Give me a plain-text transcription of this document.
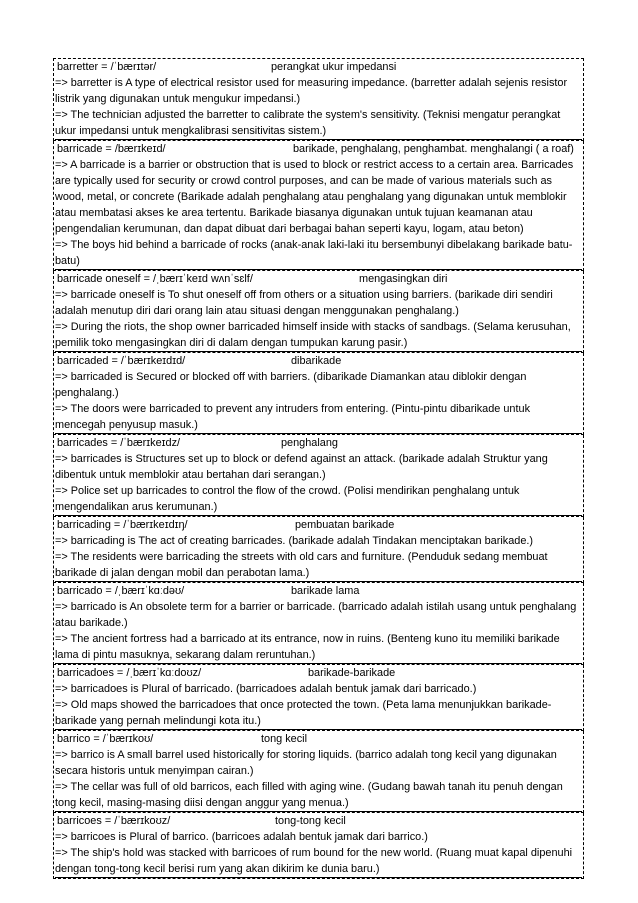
barretter = /ˈbærɪtər/	perangkat ukur impedansi
=> barretter is A type of electrical resistor used for measuring impedance. (barretter adalah sejenis resistor listrik yang digunakan untuk mengukur impedansi.)
=> The technician adjusted the barretter to calibrate the system's sensitivity. (Teknisi mengatur perangkat ukur impedansi untuk mengkalibrasi sensitivitas sistem.)
barricade = /bærɪkeɪd/	barikade, penghalang, penghambat. menghalangi ( a roaf)
=> A barricade is a barrier or obstruction that is used to block or restrict access to a certain area. Barricades are typically used for security or crowd control purposes, and can be made of various materials such as wood, metal, or concrete (Barikade adalah penghalang atau penghalang yang digunakan untuk memblokir atau membatasi akses ke area tertentu. Barikade biasanya digunakan untuk tujuan keamanan atau pengendalian kerumunan, dan dapat dibuat dari berbagai bahan seperti kayu, logam, atau beton)
=> The boys hid behind a barricade of rocks (anak-anak laki-laki itu bersembunyi dibelakang barikade batu-batu)
barricade oneself = /ˌbærɪˈkeɪd wʌnˈsɛlf/	mengasingkan diri
=> barricade oneself is To shut oneself off from others or a situation using barriers. (barikade diri sendiri adalah menutup diri dari orang lain atau situasi dengan menggunakan penghalang.)
=> During the riots, the shop owner barricaded himself inside with stacks of sandbags. (Selama kerusuhan, pemilik toko mengasingkan diri di dalam dengan tumpukan karung pasir.)
barricaded = /ˈbærɪkeɪdɪd/	dibarikade
=> barricaded is Secured or blocked off with barriers. (dibarikade Diamankan atau diblokir dengan penghalang.)
=> The doors were barricaded to prevent any intruders from entering. (Pintu-pintu dibarikade untuk mencegah penyusup masuk.)
barricades = /ˈbærɪkeɪdz/	penghalang
=> barricades is Structures set up to block or defend against an attack. (barikade adalah Struktur yang dibentuk untuk memblokir atau bertahan dari serangan.)
=> Police set up barricades to control the flow of the crowd. (Polisi mendirikan penghalang untuk mengendalikan arus kerumunan.)
barricading = /ˈbærɪkeɪdɪŋ/	pembuatan barikade
=> barricading is The act of creating barricades. (barikade adalah Tindakan menciptakan barikade.)
=> The residents were barricading the streets with old cars and furniture. (Penduduk sedang membuat barikade di jalan dengan mobil dan perabotan lama.)
barricado = /ˌbærɪˈkɑːdəʊ/	barikade lama
=> barricado is An obsolete term for a barrier or barricade. (barricado adalah istilah usang untuk penghalang atau barikade.)
=> The ancient fortress had a barricado at its entrance, now in ruins. (Benteng kuno itu memiliki barikade lama di pintu masuknya, sekarang dalam reruntuhan.)
barricadoes = /ˌbærɪˈkɑːdoʊz/	barikade-barikade
=> barricadoes is Plural of barricado. (barricadoes adalah bentuk jamak dari barricado.)
=> Old maps showed the barricadoes that once protected the town. (Peta lama menunjukkan barikade-barikade yang pernah melindungi kota itu.)
barrico = /ˈbærɪkoʊ/	tong kecil
=> barrico is A small barrel used historically for storing liquids. (barrico adalah tong kecil yang digunakan secara historis untuk menyimpan cairan.)
=> The cellar was full of old barricos, each filled with aging wine. (Gudang bawah tanah itu penuh dengan tong kecil, masing-masing diisi dengan anggur yang menua.)
barricoes = /ˈbærɪkoʊz/	tong-tong kecil
=> barricoes is Plural of barrico. (barricoes adalah bentuk jamak dari barrico.)
=> The ship's hold was stacked with barricoes of rum bound for the new world. (Ruang muat kapal dipenuhi dengan tong-tong kecil berisi rum yang akan dikirim ke dunia baru.)
